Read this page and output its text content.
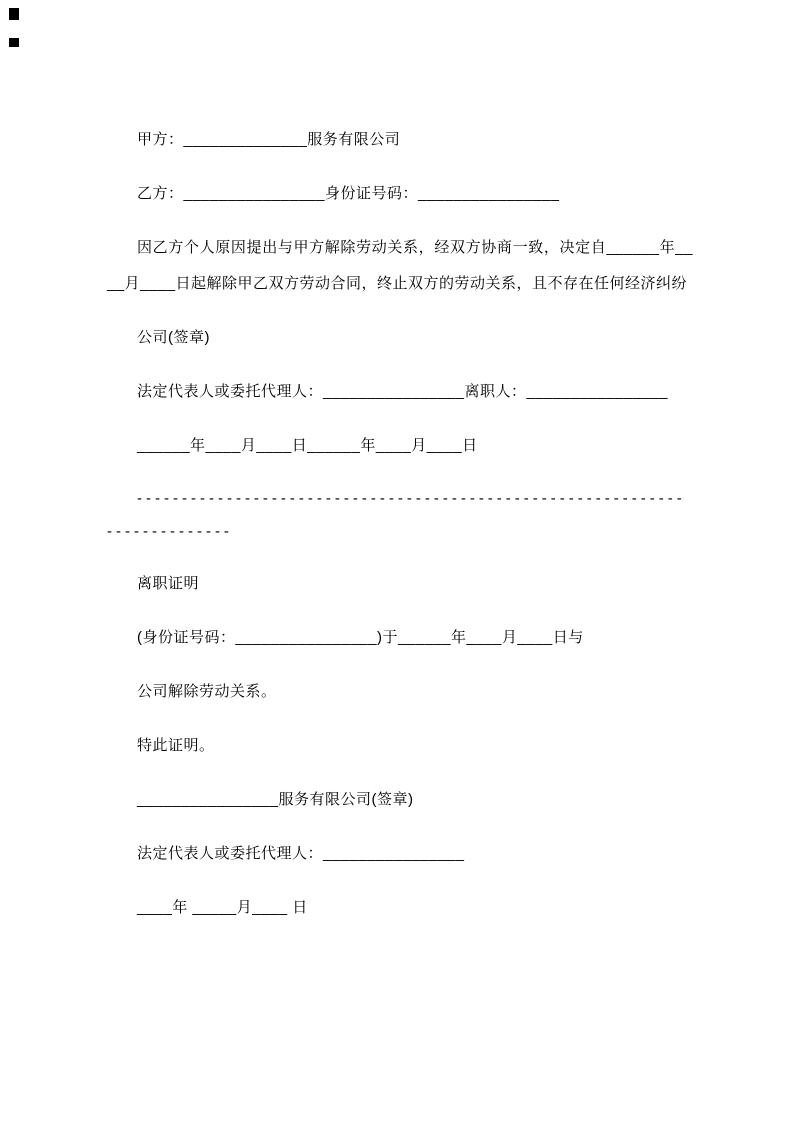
甲方：______________服务有限公司

乙方：________________身份证号码：________________

因乙方个人原因提出与甲方解除劳动关系，经双方协商一致，决定自______年____月____日起解除甲乙双方劳动合同，终止双方的劳动关系，且不存在任何经济纠纷

公司(签章)

法定代表人或委托代理人：________________离职人：________________

______年____月____日______年____月____日

---------------------------------------------------------------------------

离职证明

(身份证号码：________________)于______年____月____日与

公司解除劳动关系。

特此证明。

________________服务有限公司(签章)

法定代表人或委托代理人：________________

____年 _____月____ 日
